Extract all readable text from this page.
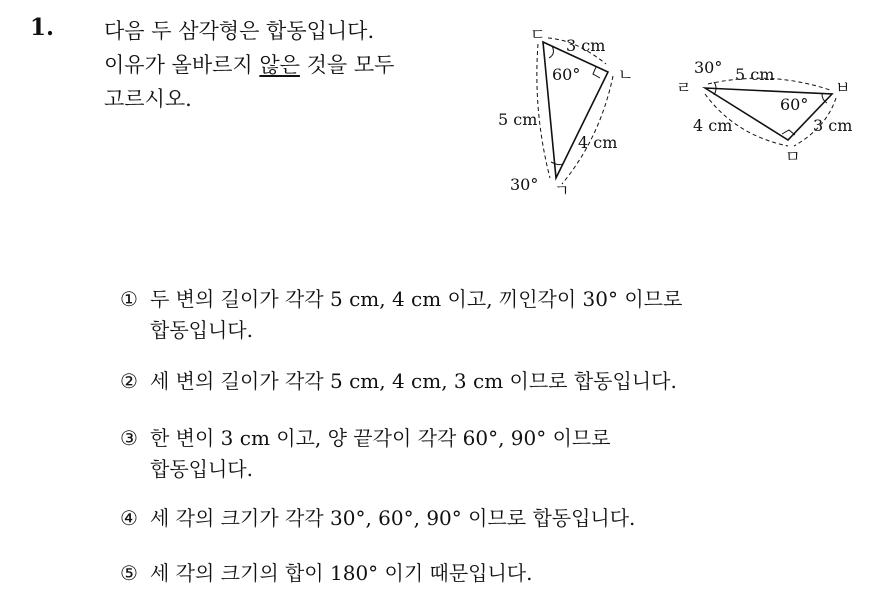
1. 다음 두 삼각형은 합동입니다.
이유가 올바르지 않은 것을 모두
고르시오.
ㄷ
ㄴ
ㄱ
3 cm
5 cm
4 cm
60°
30°
ㄹ	ㅂ
ㅁ
5 cm
4 cm	3 cm
30°
60°
① 두 변의 길이가 각각 5 cm, 4 cm 이고, 끼인각이 30° 이므로
합동입니다.
② 세 변의 길이가 각각 5 cm, 4 cm, 3 cm 이므로 합동입니다.
③ 한 변이 3 cm 이고, 양 끝각이 각각 60°, 90° 이므로
합동입니다.
④ 세 각의 크기가 각각 30°, 60°, 90° 이므로 합동입니다.
⑤ 세 각의 크기의 합이 180° 이기 때문입니다.
